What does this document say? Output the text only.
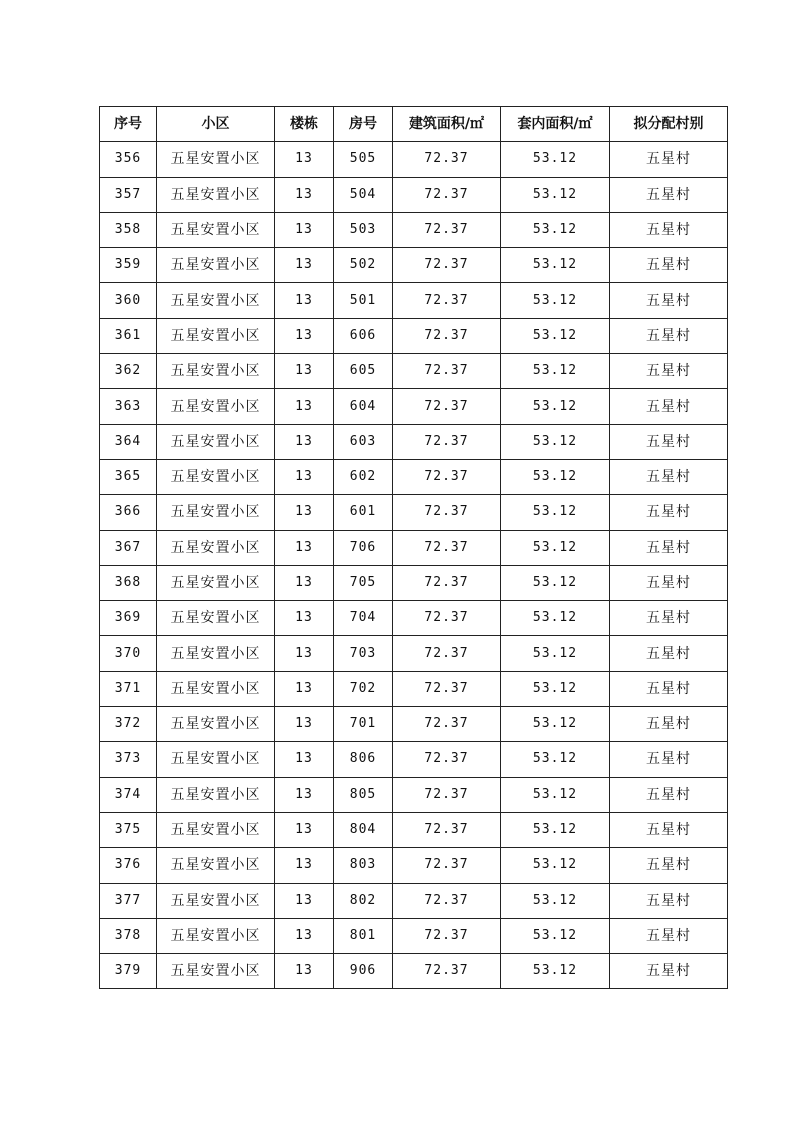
序号	小区	楼栋	房号	建筑面积/㎡	套内面积/㎡	拟分配村别
356	五星安置小区	13	505	72.37	53.12	五星村
357	五星安置小区	13	504	72.37	53.12	五星村
358	五星安置小区	13	503	72.37	53.12	五星村
359	五星安置小区	13	502	72.37	53.12	五星村
360	五星安置小区	13	501	72.37	53.12	五星村
361	五星安置小区	13	606	72.37	53.12	五星村
362	五星安置小区	13	605	72.37	53.12	五星村
363	五星安置小区	13	604	72.37	53.12	五星村
364	五星安置小区	13	603	72.37	53.12	五星村
365	五星安置小区	13	602	72.37	53.12	五星村
366	五星安置小区	13	601	72.37	53.12	五星村
367	五星安置小区	13	706	72.37	53.12	五星村
368	五星安置小区	13	705	72.37	53.12	五星村
369	五星安置小区	13	704	72.37	53.12	五星村
370	五星安置小区	13	703	72.37	53.12	五星村
371	五星安置小区	13	702	72.37	53.12	五星村
372	五星安置小区	13	701	72.37	53.12	五星村
373	五星安置小区	13	806	72.37	53.12	五星村
374	五星安置小区	13	805	72.37	53.12	五星村
375	五星安置小区	13	804	72.37	53.12	五星村
376	五星安置小区	13	803	72.37	53.12	五星村
377	五星安置小区	13	802	72.37	53.12	五星村
378	五星安置小区	13	801	72.37	53.12	五星村
379	五星安置小区	13	906	72.37	53.12	五星村
